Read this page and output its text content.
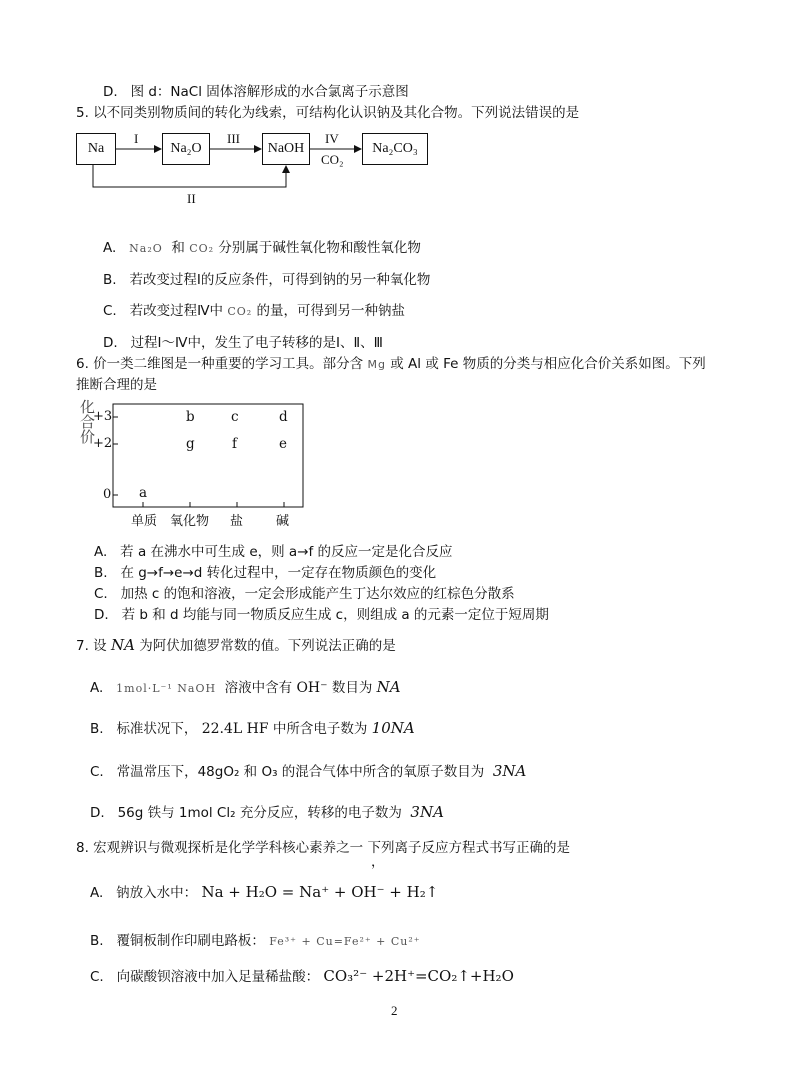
D. 图 d：NaCl 固体溶解形成的水合氯离子示意图
5. 以不同类别物质间的转化为线索，可结构化认识钠及其化合物。下列说法错误的是
Na	Na₂O	NaOH	Na₂CO₃
I	III	IV
CO₂
II
A. Na₂O 和 CO₂ 分别属于碱性氧化物和酸性氧化物
B. 若改变过程Ⅰ的反应条件，可得到钠的另一种氧化物
C. 若改变过程Ⅳ中 CO₂ 的量，可得到另一种钠盐
D. 过程Ⅰ～Ⅳ中，发生了电子转移的是Ⅰ、Ⅱ、Ⅲ
6. 价一类二维图是一种重要的学习工具。部分含 Mg 或 Al 或 Fe 物质的分类与相应化合价关系如图。下列
推断合理的是
化合价
+3
+2
0
b	c	d
g	f	e
a
单质 氧化物 盐	碱
A. 若 a 在沸水中可生成 e，则 a→f 的反应一定是化合反应
B. 在 g→f→e→d 转化过程中，一定存在物质颜色的变化
C. 加热 c 的饱和溶液，一定会形成能产生丁达尔效应的红棕色分散系
D. 若 b 和 d 均能与同一物质反应生成 c，则组成 a 的元素一定位于短周期
7. 设 NA 为阿伏加德罗常数的值。下列说法正确的是
A. 1mol·L⁻¹ NaOH 溶液中含有 OH⁻ 数目为 NA
B. 标准状况下， 22.4L HF 中所含电子数为 10NA
C. 常温常压下，48gO₂ 和 O₃ 的混合气体中所含的氧原子数目为 3NA
D. 56g 铁与 1mol Cl₂ 充分反应，转移的电子数为 3NA
8. 宏观辨识与微观探析是化学学科核心素养之一 下列离子反应方程式书写正确的是
，
A. 钠放入水中： Na + H₂O = Na⁺ + OH⁻ + H₂↑
B. 覆铜板制作印刷电路板： Fe³⁺ + Cu=Fe²⁺ + Cu²⁺
C. 向碳酸钡溶液中加入足量稀盐酸： CO₃²⁻ +2H⁺=CO₂↑+H₂O
2
